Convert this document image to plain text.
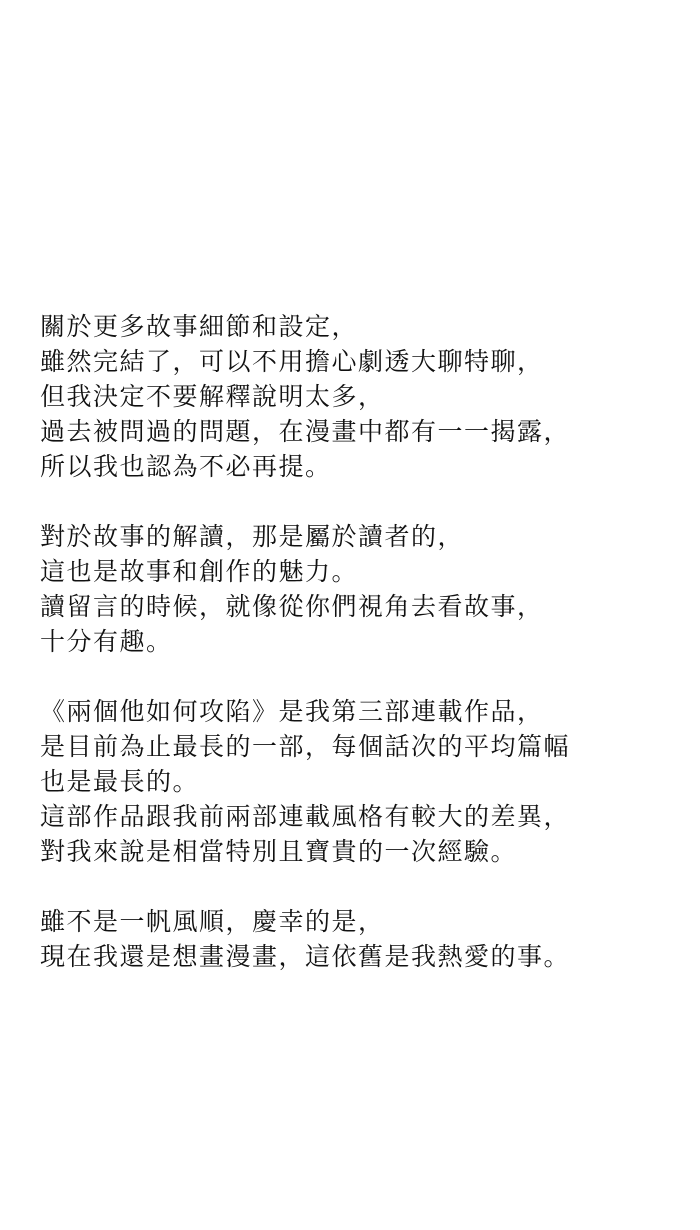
關於更多故事細節和設定，
雖然完結了，可以不用擔心劇透大聊特聊，
但我決定不要解釋說明太多，
過去被問過的問題，在漫畫中都有一一揭露，
所以我也認為不必再提。
對於故事的解讀，那是屬於讀者的，
這也是故事和創作的魅力。
讀留言的時候，就像從你們視角去看故事，
十分有趣。
《兩個他如何攻陷》是我第三部連載作品，
是目前為止最長的一部，每個話次的平均篇幅
也是最長的。
這部作品跟我前兩部連載風格有較大的差異，
對我來說是相當特別且寶貴的一次經驗。
雖不是一帆風順，慶幸的是，
現在我還是想畫漫畫，這依舊是我熱愛的事。
